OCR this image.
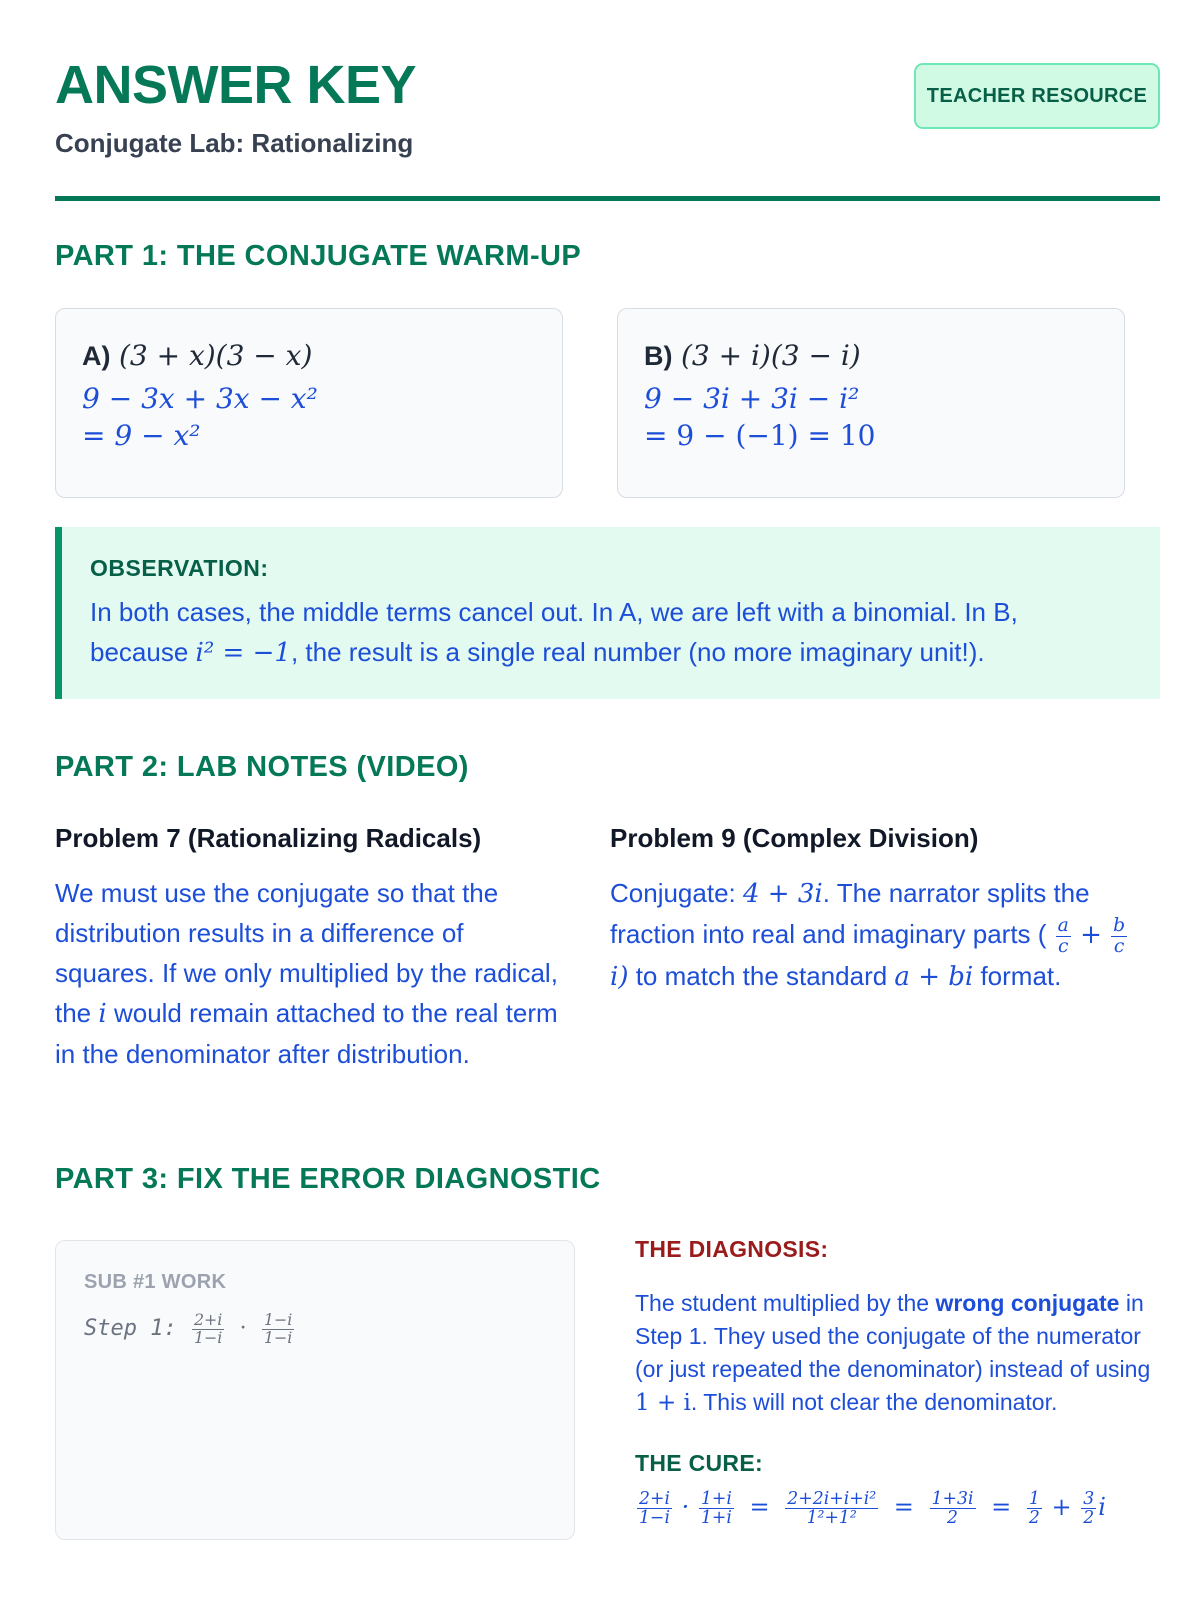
ANSWER KEY
Conjugate Lab: Rationalizing
TEACHER RESOURCE
PART 1: THE CONJUGATE WARM-UP
A) (3 + x)(3 − x)
9 − 3x + 3x − x²
= 9 − x²
B) (3 + i)(3 − i)
9 − 3i + 3i − i²
= 9 − (−1) = 10
OBSERVATION:
In both cases, the middle terms cancel out. In A, we are left with a binomial. In B,
because i² = −1, the result is a single real number (no more imaginary unit!).
PART 2: LAB NOTES (VIDEO)
Problem 7 (Rationalizing Radicals)
We must use the conjugate so that the distribution results in a difference of squares. If we only multiplied by the radical, the i would remain attached to the real term in the denominator after distribution.
Problem 9 (Complex Division)
Conjugate: 4 + 3i. The narrator splits the fraction into real and imaginary parts ( $\frac{a}{c} + \frac{b}{c}$
i) to match the standard a + bi format.
PART 3: FIX THE ERROR DIAGNOSTIC
SUB #1 WORK
Step 1: $\frac{2+i}{1-i} \cdot \frac{1-i}{1-i}$
THE DIAGNOSIS:
The student multiplied by the wrong conjugate in Step 1. They used the conjugate of the numerator (or just repeated the denominator) instead of using 1 + i. This will not clear the denominator.
THE CURE:
$\frac{2+i}{1-i} \cdot \frac{1+i}{1+i} = \frac{\text{2+2i+i+i²}}{\text{1²+1²}} = \frac{1+3i}{2} = \frac{1}{2} + \frac{3}{2}$ i
